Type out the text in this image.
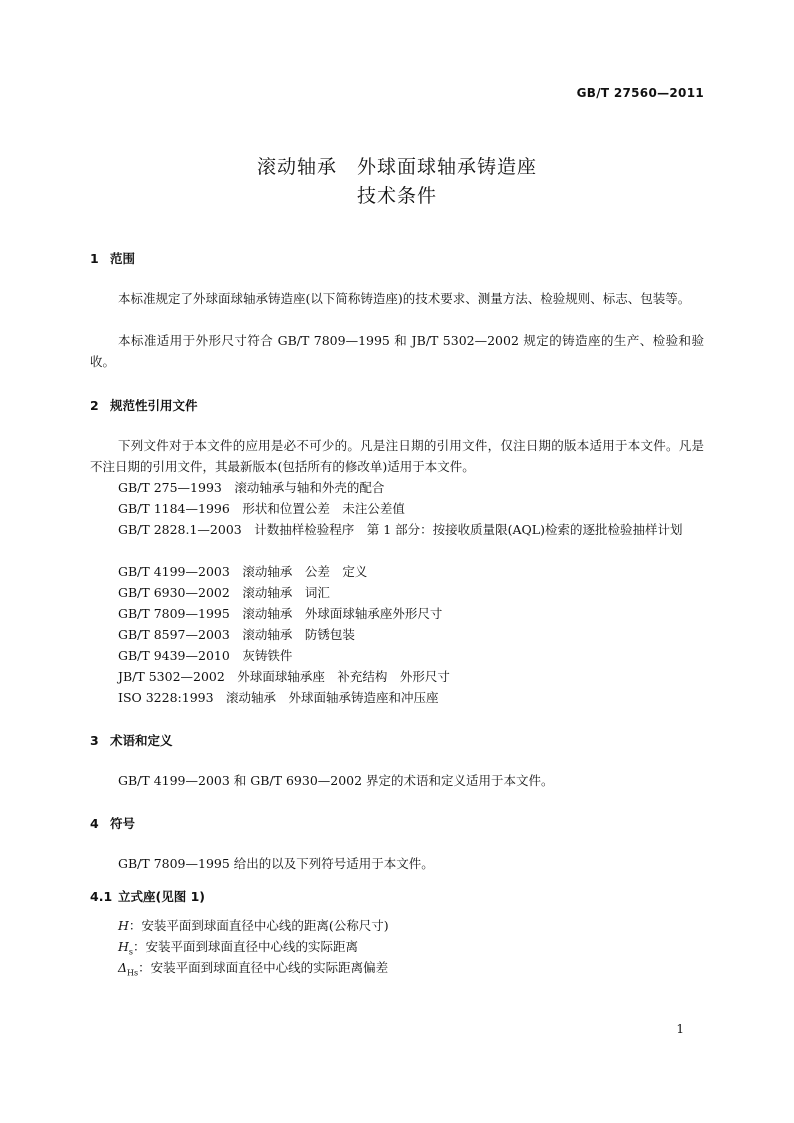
GB/T 27560—2011
滚动轴承　外球面球轴承铸造座
技术条件
1 范围

本标准规定了外球面球轴承铸造座(以下简称铸造座)的技术要求、测量方法、检验规则、标志、包装等。

本标准适用于外形尺寸符合 GB/T 7809—1995 和 JB/T 5302—2002 规定的铸造座的生产、检验和验收。

2 规范性引用文件

下列文件对于本文件的应用是必不可少的。凡是注日期的引用文件，仅注日期的版本适用于本文件。凡是不注日期的引用文件，其最新版本(包括所有的修改单)适用于本文件。

GB/T 275—1993　滚动轴承与轴和外壳的配合
GB/T 1184—1996　形状和位置公差　未注公差值

GB/T 2828.1—2003　计数抽样检验程序　第 1 部分：按接收质量限(AQL)检索的逐批检验抽样计划

GB/T 4199—2003　滚动轴承　公差　定义
GB/T 6930—2002　滚动轴承　词汇
GB/T 7809—1995　滚动轴承　外球面球轴承座外形尺寸
GB/T 8597—2003　滚动轴承　防锈包装
GB/T 9439—2010　灰铸铁件
JB/T 5302—2002　外球面球轴承座　补充结构　外形尺寸
ISO 3228:1993　滚动轴承　外球面轴承铸造座和冲压座
3 术语和定义

GB/T 4199—2003 和 GB/T 6930—2002 界定的术语和定义适用于本文件。

4 符号

GB/T 7809—1995 给出的以及下列符号适用于本文件。

4.1 立式座(见图 1)
H：安装平面到球面直径中心线的距离(公称尺寸)
$H_s$：安装平面到球面直径中心线的实际距离
$\Delta_{Hs}$：安装平面到球面直径中心线的实际距离偏差
1
